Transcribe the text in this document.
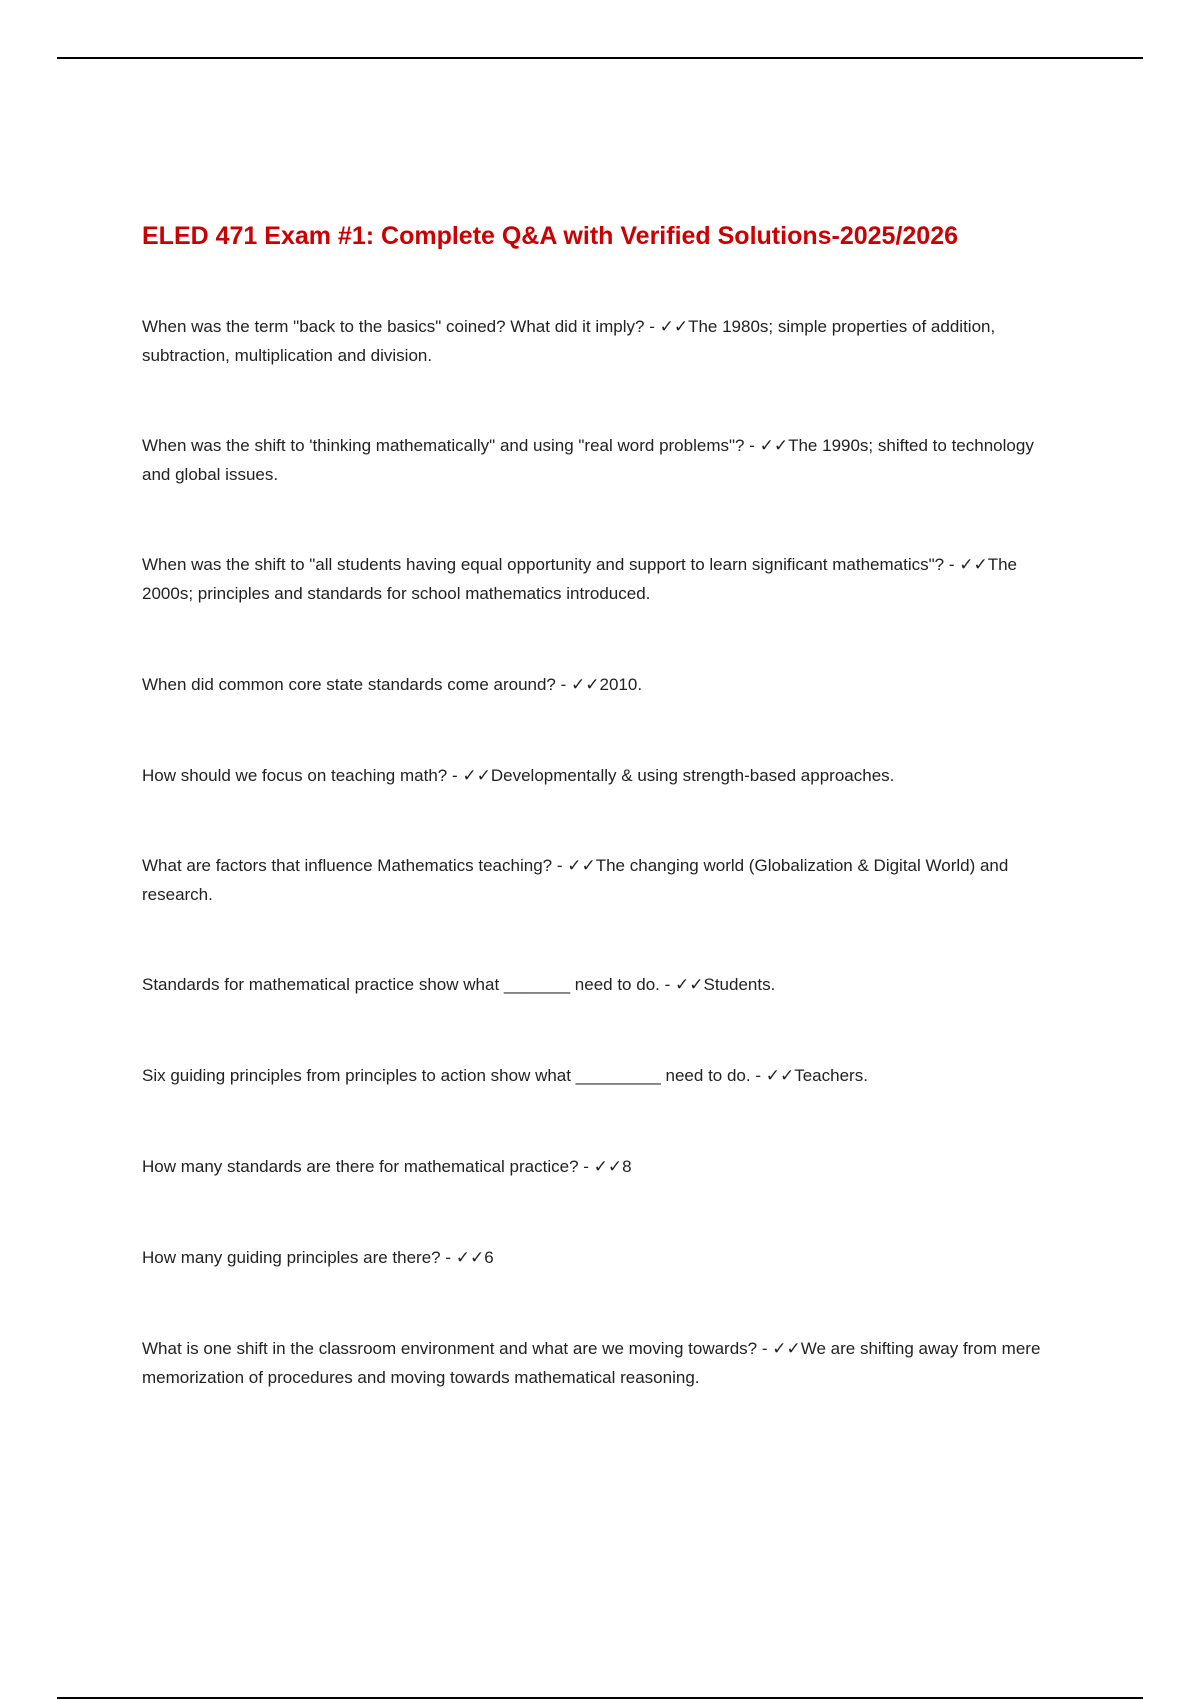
ELED 471 Exam #1: Complete Q&A with Verified Solutions-2025/2026

When was the term "back to the basics" coined? What did it imply? - ✓✓The 1980s; simple properties of addition, subtraction, multiplication and division.

When was the shift to 'thinking mathematically" and using "real word problems"? - ✓✓The 1990s; shifted to technology and global issues.

When was the shift to "all students having equal opportunity and support to learn significant mathematics"? - ✓✓The 2000s; principles and standards for school mathematics introduced.

When did common core state standards come around? - ✓✓2010.

How should we focus on teaching math? - ✓✓Developmentally & using strength-based approaches.

What are factors that influence Mathematics teaching? - ✓✓The changing world (Globalization & Digital World) and research.

Standards for mathematical practice show what _______ need to do. - ✓✓Students.

Six guiding principles from principles to action show what _________ need to do. - ✓✓Teachers.

How many standards are there for mathematical practice? - ✓✓8

How many guiding principles are there? - ✓✓6

What is one shift in the classroom environment and what are we moving towards? - ✓✓We are shifting away from mere memorization of procedures and moving towards mathematical reasoning.
